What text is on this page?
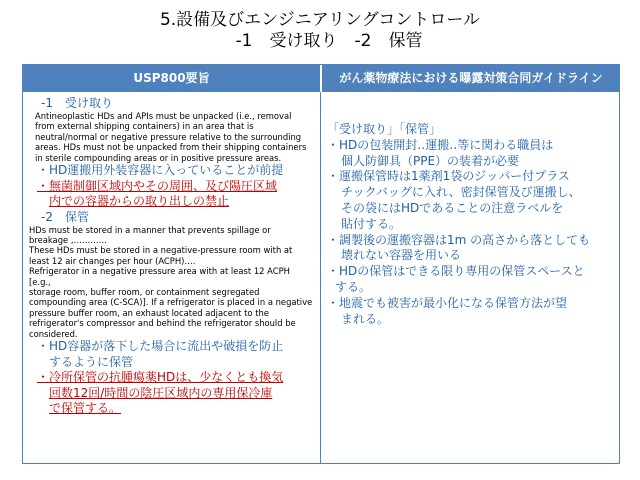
5.設備及びエンジニアリングコントロール
-1　受け取り　-2　保管
USP800要旨	がん薬物療法における曝露対策合同ガイドライン
-1　受け取り
Antineoplastic HDs and APIs must be unpacked (i.e., removal
from external shipping containers) in an area that is
neutral/normal or negative pressure relative to the surrounding
areas. HDs must not be unpacked from their shipping containers
in sterile compounding areas or in positive pressure areas.
・HD運搬用外装容器に入っていることが前提
・無菌制御区域内やその周囲、及び陽圧区域
内での容器からの取り出しの禁止
-2　保管
HDs must be stored in a manner that prevents spillage or
breakage ,…………
These HDs must be stored in a negative-pressure room with at
least 12 air changes per hour (ACPH)….
Refrigerator in a negative pressure area with at least 12 ACPH [e.g.,
storage room, buffer room, or containment segregated
compounding area (C-SCA)]. If a refrigerator is placed in a negative
pressure buffer room, an exhaust located adjacent to the
refrigerator's compressor and behind the refrigerator should be
considered.
・HD容器が落下した場合に流出や破損を防止
するように保管
・冷所保管の抗腫瘍薬HDは、少なくとも換気
回数12回/時間の陰圧区域内の専用保冷庫
で保管する。
「受け取り」「保管」
・HDの包装開封‥運搬‥等に関わる職員は
個人防御具（PPE）の装着が必要
・運搬保管時は1薬剤1袋のジッパー付プラス
チックバッグに入れ、密封保管及び運搬し、
その袋にはHDであることの注意ラベルを
貼付する。
・調製後の運搬容器は1m の高さから落としても
壊れない容器を用いる
・HDの保管はできる限り専用の保管スペースと
する。
・地震でも被害が最小化になる保管方法が望
まれる。
